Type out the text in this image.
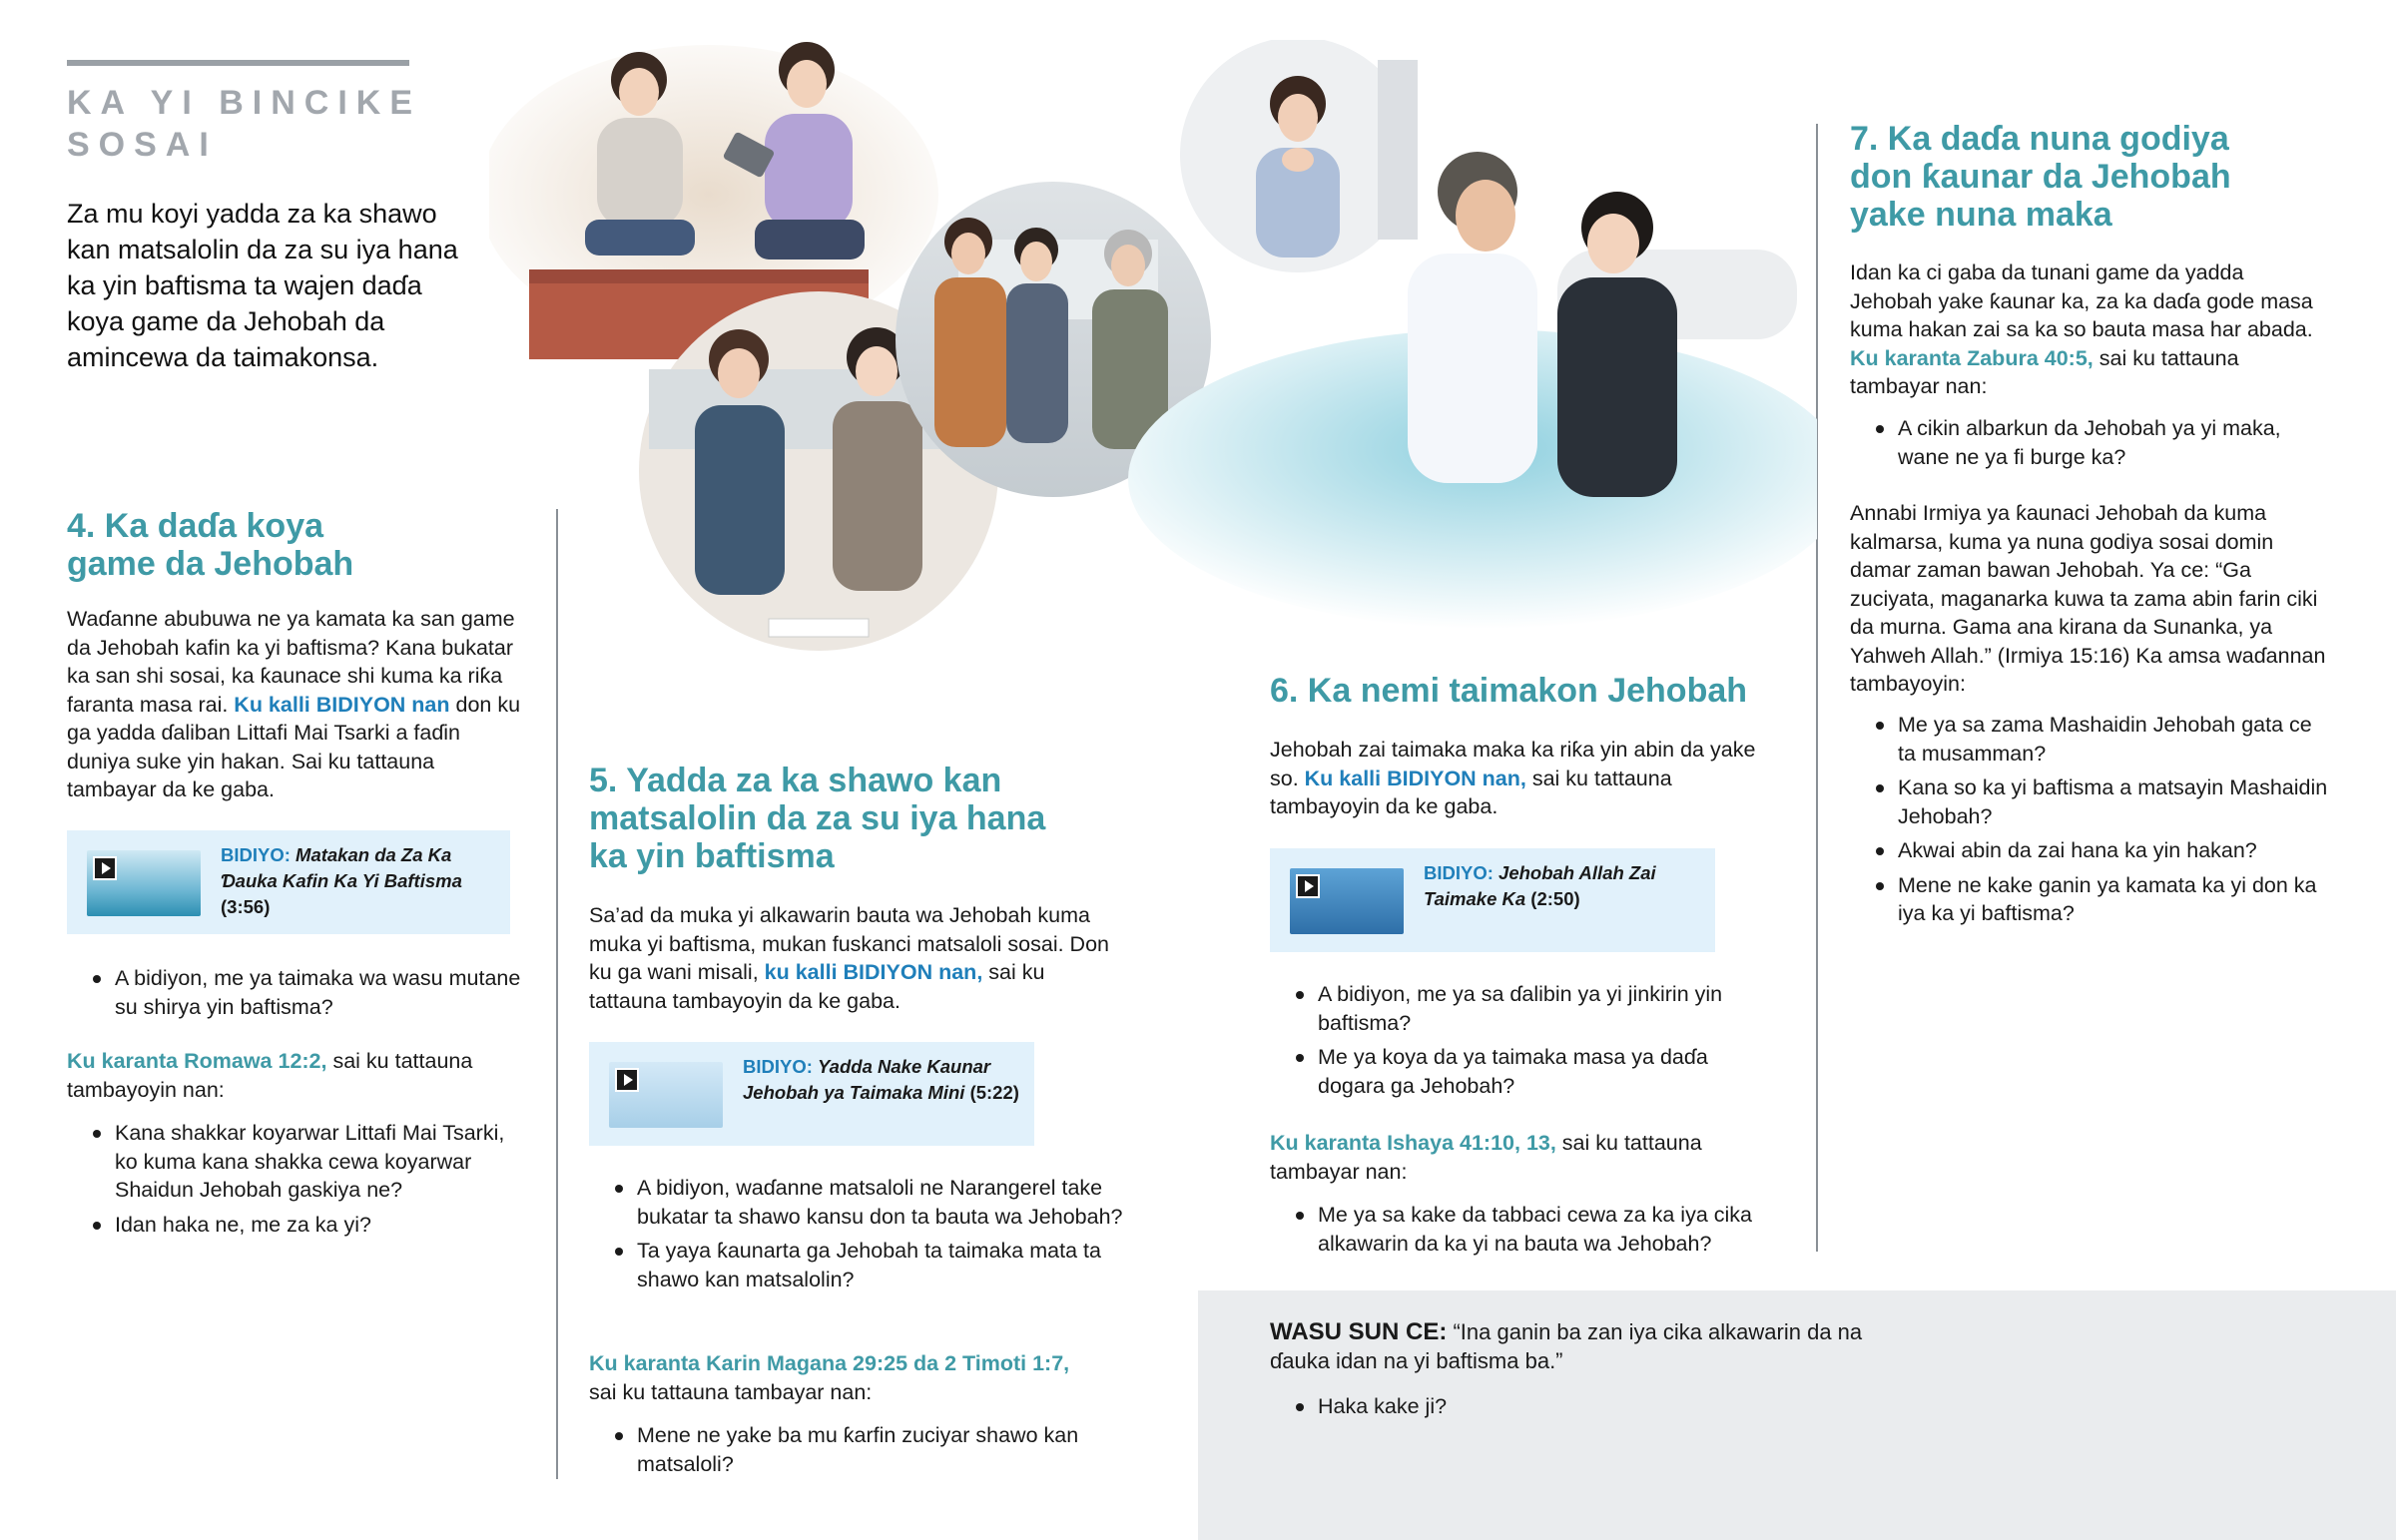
KA YI BINCIKE
SOSAI
Za mu koyi yadda za ka shawo kan matsalolin da za su iya hana ka yin baftisma ta wajen daɗa koya game da Jehobah da amincewa da taimakonsa.
4. Ka daɗa koya
game da Jehobah

Waɗanne abubuwa ne ya kamata ka san game da Jehobah kafin ka yi baftisma? Kana bukatar ka san shi sosai, ka ƙaunace shi kuma ka riƙa faranta masa rai. Ku kalli BIDIYON nan don ku ga yadda ɗaliban Littafi Mai Tsarki a faɗin duniya suke yin hakan. Sai ku tattauna tambayar da ke gaba.

BIDIYO: Matakan da Za Ka Ɗauka Kafin Ka Yi Baftisma (3:56)
A bidiyon, me ya taimaka wa wasu mutane su shirya yin baftisma?

Ku karanta Romawa 12:2, sai ku tattauna tambayoyin nan:

Kana shakkar koyarwar Littafi Mai Tsarki, ko kuma kana shakka cewa koyarwar Shaidun Jehobah gaskiya ne?
Idan haka ne, me za ka yi?
5. Yadda za ka shawo kan
matsalolin da za su iya hana
ka yin baftisma

Sa’ad da muka yi alkawarin bauta wa Jehobah kuma muka yi baftisma, mukan fuskanci matsaloli sosai. Don ku ga wani misali, ku kalli BIDIYON nan, sai ku tattauna tambayoyin da ke gaba.

BIDIYO: Yadda Nake Kaunar Jehobah ya Taimaka Mini (5:22)
A bidiyon, waɗanne matsaloli ne Narangerel take bukatar ta shawo kansu don ta bauta wa Jehobah?
Ta yaya ƙaunarta ga Jehobah ta taimaka mata ta shawo kan matsalolin?

Ku karanta Karin Magana 29:25 da 2 Timoti 1:7,
sai ku tattauna tambayar nan:

Mene ne yake ba mu ƙarfin zuciyar shawo kan matsaloli?
6. Ka nemi taimakon Jehobah

Jehobah zai taimaka maka ka riƙa yin abin da yake so. Ku kalli BIDIYON nan, sai ku tattauna tambayoyin da ke gaba.

BIDIYO: Jehobah Allah Zai Taimake Ka (2:50)
A bidiyon, me ya sa ɗalibin ya yi jinkirin yin baftisma?
Me ya koya da ya taimaka masa ya daɗa dogara ga Jehobah?

Ku karanta Ishaya 41:10, 13, sai ku tattauna tambayar nan:

Me ya sa kake da tabbaci cewa za ka iya cika alkawarin da ka yi na bauta wa Jehobah?
7. Ka daɗa nuna godiya
don ƙaunar da Jehobah
yake nuna maka

Idan ka ci gaba da tunani game da yadda Jehobah yake ƙaunar ka, za ka daɗa gode masa kuma hakan zai sa ka so bauta masa har abada. Ku karanta Zabura 40:5, sai ku tattauna tambayar nan:

A cikin albarkun da Jehobah ya yi maka, wane ne ya fi burge ka?

Annabi Irmiya ya ƙaunaci Jehobah da kuma kalmarsa, kuma ya nuna godiya sosai domin damar zaman bawan Jehobah. Ya ce: “Ga zuciyata, maganarka kuwa ta zama abin farin ciki da murna. Gama ana kirana da Sunanka, ya Yahweh Allah.” (Irmiya 15:16) Ka amsa waɗannan tambayoyin:

Me ya sa zama Mashaidin Jehobah gata ce ta musamman?
Kana so ka yi baftisma a matsayin Mashaidin Jehobah?
Akwai abin da zai hana ka yin hakan?
Mene ne kake ganin ya kamata ka yi don ka iya ka yi baftisma?
WASU SUN CE: “Ina ganin ba zan iya cika alkawarin da na ɗauka idan na yi baftisma ba.”
Haka kake ji?
